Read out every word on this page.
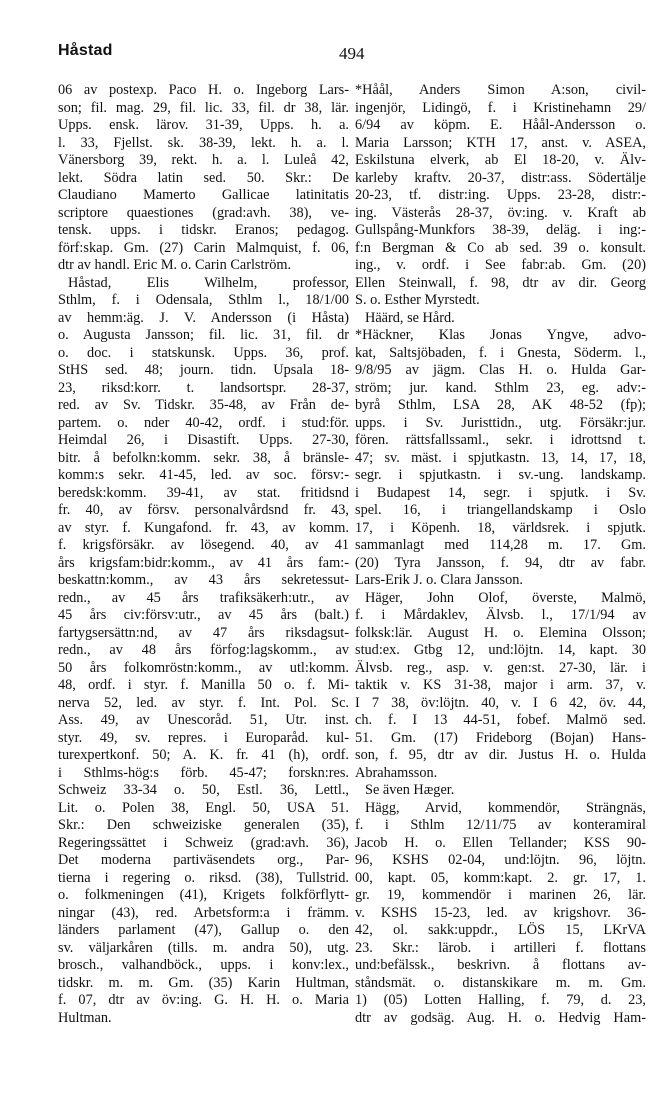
Håstad	494
06 av postexp. Paco H. o. Ingeborg Lars-
son; fil. mag. 29, fil. lic. 33, fil. dr 38, lär.
Upps. ensk. lärov. 31-39, Upps. h. a.
l. 33, Fjellst. sk. 38-39, lekt. h. a. l.
Vänersborg 39, rekt. h. a. l. Luleå 42,
lekt. Södra latin sed. 50. Skr.: De
Claudiano Mamerto Gallicae latinitatis
scriptore quaestiones (grad:avh. 38), ve-
tensk. upps. i tidskr. Eranos; pedagog.
förf:skap. Gm. (27) Carin Malmquist, f. 06,
dtr av handl. Eric M. o. Carin Carlström.
Håstad, Elis Wilhelm, professor,
Sthlm, f. i Odensala, Sthlm l., 18/1/00
av hemm:äg. J. V. Andersson (i Håsta)
o. Augusta Jansson; fil. lic. 31, fil. dr
o. doc. i statskunsk. Upps. 36, prof.
StHS sed. 48; journ. tidn. Upsala 18-
23, riksd:korr. t. landsortspr. 28-37,
red. av Sv. Tidskr. 35-48, av Från de-
partem. o. nder 40-42, ordf. i stud:för.
Heimdal 26, i Disastift. Upps. 27-30,
bitr. å befolkn:komm. sekr. 38, å bränsle-
komm:s sekr. 41-45, led. av soc. försv:-
beredsk:komm. 39-41, av stat. fritidsnd
fr. 40, av försv. personalvårdsnd fr. 43,
av styr. f. Kungafond. fr. 43, av komm.
f. krigsförsäkr. av lösegend. 40, av 41
års krigsfam:bidr:komm., av 41 års fam:-
beskattn:komm., av 43 års sekretessut-
redn., av 45 års trafiksäkerh:utr., av
45 års civ:försv:utr., av 45 års (balt.)
fartygsersättn:nd, av 47 års riksdagsut-
redn., av 48 års förfog:lagskomm., av
50 års folkomröstn:komm., av utl:komm.
48, ordf. i styr. f. Manilla 50 o. f. Mi-
nerva 52, led. av styr. f. Int. Pol. Sc.
Ass. 49, av Unescoråd. 51, Utr. inst.
styr. 49, sv. repres. i Europaråd. kul-
turexpertkonf. 50; A. K. fr. 41 (h), ordf.
i Sthlms-hög:s förb. 45-47; forskn:res.
Schweiz 33-34 o. 50, Estl. 36, Lettl.,
Lit. o. Polen 38, Engl. 50, USA 51.
Skr.: Den schweiziske generalen (35),
Regeringssättet i Schweiz (grad:avh. 36),
Det moderna partiväsendets org., Par-
tierna i regering o. riksd. (38), Tullstrid.
o. folkmeningen (41), Krigets folkförflytt-
ningar (43), red. Arbetsform:a i främm.
länders parlament (47), Gallup o. den
sv. väljarkåren (tills. m. andra 50), utg.
brosch., valhandböck., upps. i konv:lex.,
tidskr. m. m. Gm. (35) Karin Hultman,
f. 07, dtr av öv:ing. G. H. H. o. Maria
Hultman.
*Håål, Anders Simon A:son, civil-
ingenjör, Lidingö, f. i Kristinehamn 29/
6/94 av köpm. E. Håål-Andersson o.
Maria Larsson; KTH 17, anst. v. ASEA,
Eskilstuna elverk, ab El 18-20, v. Älv-
karleby kraftv. 20-37, distr:ass. Södertälje
20-23, tf. distr:ing. Upps. 23-28, distr:-
ing. Västerås 28-37, öv:ing. v. Kraft ab
Gullspång-Munkfors 38-39, deläg. i ing:-
f:n Bergman & Co ab sed. 39 o. konsult.
ing., v. ordf. i See fabr:ab. Gm. (20)
Ellen Steinwall, f. 98, dtr av dir. Georg
S. o. Esther Myrstedt.
Häärd, se Hård.
*Häckner, Klas Jonas Yngve, advo-
kat, Saltsjöbaden, f. i Gnesta, Söderm. l.,
9/8/95 av jägm. Clas H. o. Hulda Gar-
ström; jur. kand. Sthlm 23, eg. adv:-
byrå Sthlm, LSA 28, AK 48-52 (fp);
upps. i Sv. Juristtidn., utg. Försäkr:jur.
fören. rättsfallssaml., sekr. i idrottsnd t.
47; sv. mäst. i spjutkastn. 13, 14, 17, 18,
segr. i spjutkastn. i sv.-ung. landskamp.
i Budapest 14, segr. i spjutk. i Sv.
spel. 16, i triangellandskamp i Oslo
17, i Köpenh. 18, världsrek. i spjutk.
sammanlagt med 114,28 m. 17. Gm.
(20) Tyra Jansson, f. 94, dtr av fabr.
Lars-Erik J. o. Clara Jansson.
Häger, John Olof, överste, Malmö,
f. i Mårdaklev, Älvsb. l., 17/1/94 av
folksk:lär. August H. o. Elemina Olsson;
stud:ex. Gtbg 12, und:löjtn. 14, kapt. 30
Älvsb. reg., asp. v. gen:st. 27-30, lär. i
taktik v. KS 31-38, major i arm. 37, v.
I 7 38, öv:löjtn. 40, v. I 6 42, öv. 44,
ch. f. I 13 44-51, fobef. Malmö sed.
51. Gm. (17) Frideborg (Bojan) Hans-
son, f. 95, dtr av dir. Justus H. o. Hulda
Abrahamsson.
Se även Hæger.
Hägg, Arvid, kommendör, Strängnäs,
f. i Sthlm 12/11/75 av konteramiral
Jacob H. o. Ellen Tellander; KSS 90-
96, KSHS 02-04, und:löjtn. 96, löjtn.
00, kapt. 05, komm:kapt. 2. gr. 17, 1.
gr. 19, kommendör i marinen 26, lär.
v. KSHS 15-23, led. av krigshovr. 36-
42, ol. sakk:uppdr., LÖS 15, LKrVA
23. Skr.: lärob. i artilleri f. flottans
und:befälssk., beskrivn. å flottans av-
ståndsmät. o. distanskikare m. m. Gm.
1) (05) Lotten Halling, f. 79, d. 23,
dtr av godsäg. Aug. H. o. Hedvig Ham-
